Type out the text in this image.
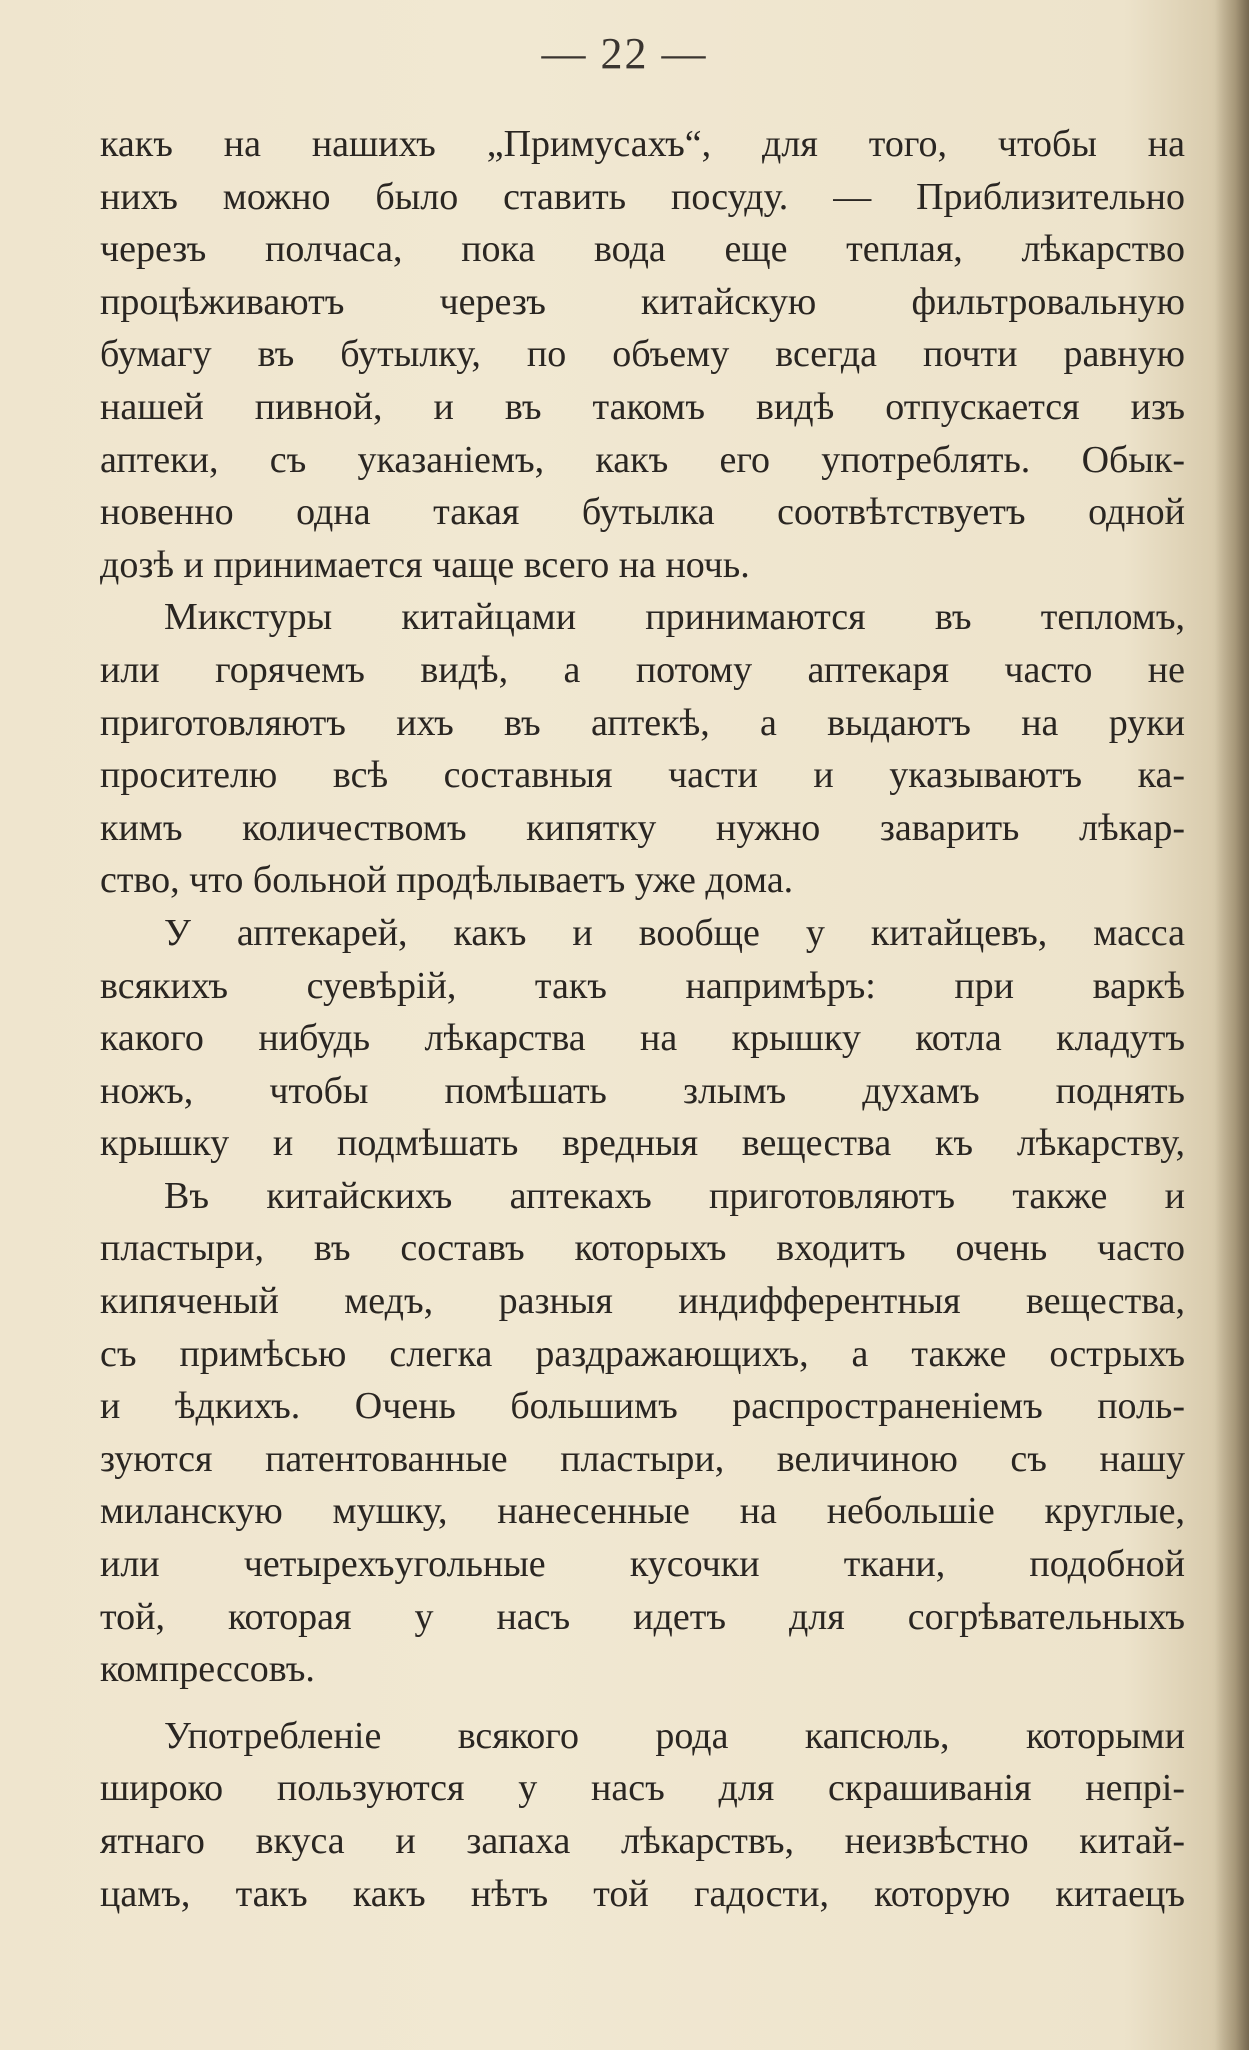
— 22 —
какъ на нашихъ „Примусахъ“, для того, чтобы на
нихъ можно было ставить посуду. — Приблизительно
черезъ полчаса, пока вода еще теплая, лѣкарство
процѣживаютъ черезъ китайскую фильтровальную
бумагу въ бутылку, по объему всегда почти равную
нашей пивной, и въ такомъ видѣ отпускается изъ
аптеки, съ указаніемъ, какъ его употреблять. Обык-
новенно одна такая бутылка соотвѣтствуетъ одной
дозѣ и принимается чаще всего на ночь.
Микстуры китайцами принимаются въ тепломъ,
или горячемъ видѣ, а потому аптекаря часто не
приготовляютъ ихъ въ аптекѣ, а выдаютъ на руки
просителю всѣ составныя части и указываютъ ка-
кимъ количествомъ кипятку нужно заварить лѣкар-
ство, что больной продѣлываетъ уже дома.
У аптекарей, какъ и вообще у китайцевъ, масса
всякихъ суевѣрій, такъ напримѣръ: при варкѣ
какого нибудь лѣкарства на крышку котла кладутъ
ножъ, чтобы помѣшать злымъ духамъ поднять
крышку и подмѣшать вредныя вещества къ лѣкарству,
Въ китайскихъ аптекахъ приготовляютъ также и
пластыри, въ составъ которыхъ входитъ очень часто
кипяченый медъ, разныя индифферентныя вещества,
съ примѣсью слегка раздражающихъ, а также острыхъ
и ѣдкихъ. Очень большимъ распространеніемъ поль-
зуются патентованные пластыри, величиною съ нашу
миланскую мушку, нанесенные на небольшіе круглые,
или четырехъугольные кусочки ткани, подобной
той, которая у насъ идетъ для согрѣвательныхъ
компрессовъ.
Употребленіе всякого рода капсюль, которыми
широко пользуются у насъ для скрашиванія непрі-
ятнаго вкуса и запаха лѣкарствъ, неизвѣстно китай-
цамъ, такъ какъ нѣтъ той гадости, которую китаецъ
